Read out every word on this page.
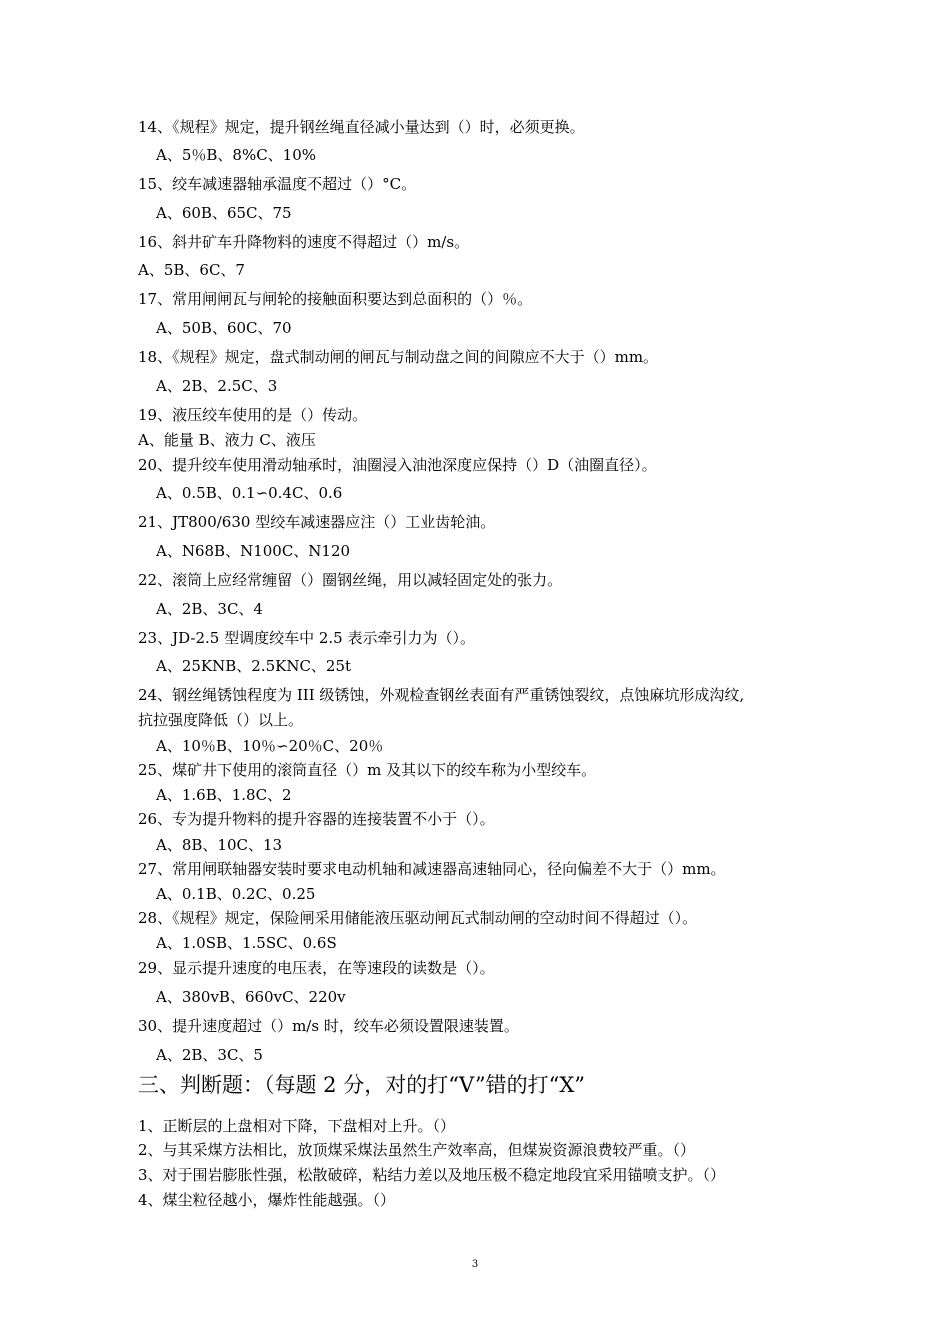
14、《规程》规定，提升钢丝绳直径减小量达到（）时，必须更换。
A、5％B、8%C、10%
15、绞车减速器轴承温度不超过（）°C。
A、60B、65C、75
16、斜井矿车升降物料的速度不得超过（）m/s。
A、5B、6C、7
17、常用闸闸瓦与闸轮的接触面积要达到总面积的（）％。
A、50B、60C、70
18、《规程》规定，盘式制动闸的闸瓦与制动盘之间的间隙应不大于（）mm。
A、2B、2.5C、3
19、液压绞车使用的是（）传动。
A、能量 B、液力 C、液压
20、提升绞车使用滑动轴承时，油圈浸入油池深度应保持（）D（油圈直径）。
A、0.5B、0.1∽0.4C、0.6
21、JT800/630 型绞车减速器应注（）工业齿轮油。
A、N68B、N100C、N120
22、滚筒上应经常缠留（）圈钢丝绳，用以减轻固定处的张力。
A、2B、3C、4
23、JD-2.5 型调度绞车中 2.5 表示牵引力为（）。
A、25KNB、2.5KNC、25t
24、钢丝绳锈蚀程度为 III 级锈蚀，外观检查钢丝表面有严重锈蚀裂纹，点蚀麻坑形成沟纹,
抗拉强度降低（）以上。
A、10％B、10％∽20％C、20％
25、煤矿井下使用的滚筒直径（）m 及其以下的绞车称为小型绞车。
A、1.6B、1.8C、2
26、专为提升物料的提升容器的连接装置不小于（）。
A、8B、10C、13
27、常用闸联轴器安装时要求电动机轴和减速器高速轴同心，径向偏差不大于（）mm。
A、0.1B、0.2C、0.25
28、《规程》规定，保险闸采用储能液压驱动闸瓦式制动闸的空动时间不得超过（）。
A、1.0SB、1.5SC、0.6S
29、显示提升速度的电压表，在等速段的读数是（）。
A、380vB、660vC、220v
30、提升速度超过（）m/s 时，绞车必须设置限速装置。
A、2B、3C、5
三、判断题：（每题 2 分，对的打“V”错的打“X”
1、正断层的上盘相对下降，下盘相对上升。（）
2、与其采煤方法相比，放顶煤采煤法虽然生产效率高，但煤炭资源浪费较严重。（）
3、对于围岩膨胀性强，松散破碎，粘结力差以及地压极不稳定地段宜采用锚喷支护。（）
4、煤尘粒径越小，爆炸性能越强。（）
3
